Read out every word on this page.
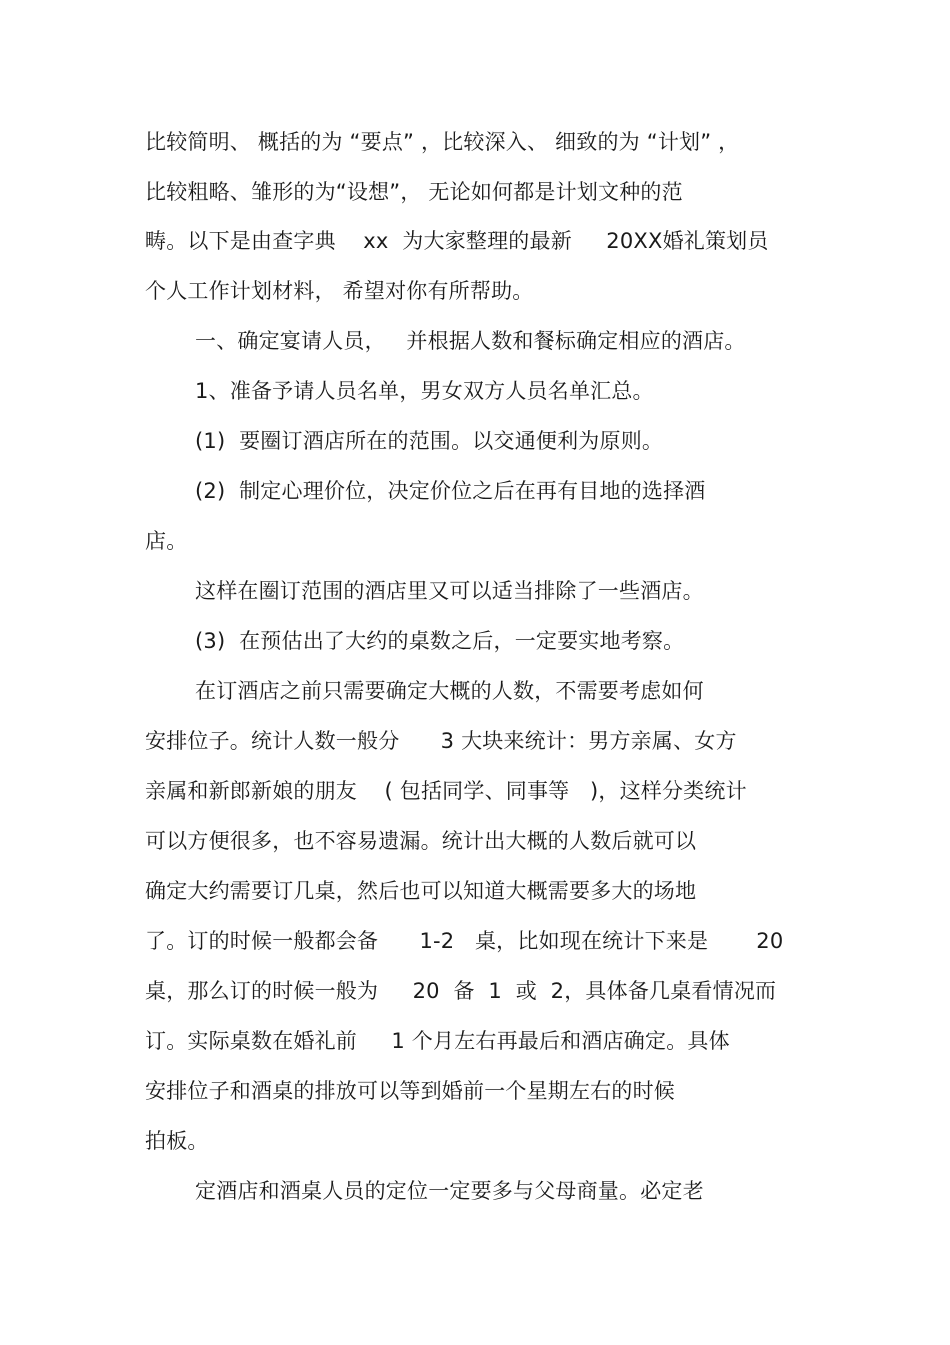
比较简明、 概括的为 “要点” ，比较深入、 细致的为 “计划” ，
比较粗略、雏形的为“设想”， 无论如何都是计划文种的范
畴。以下是由查字典    xx  为大家整理的最新     20XX婚礼策划员
个人工作计划材料， 希望对你有所帮助。
一、确定宴请人员，   并根据人数和餐标确定相应的酒店。
1、准备予请人员名单，男女双方人员名单汇总。
(1)  要圈订酒店所在的范围。以交通便利为原则。
(2)  制定心理价位，决定价位之后在再有目地的选择酒
店。
这样在圈订范围的酒店里又可以适当排除了一些酒店。
(3)  在预估出了大约的桌数之后，一定要实地考察。
在订酒店之前只需要确定大概的人数，不需要考虑如何
安排位子。统计人数一般分      3 大块来统计：男方亲属、女方
亲属和新郎新娘的朋友    ( 包括同学、同事等   )，这样分类统计
可以方便很多，也不容易遗漏。统计出大概的人数后就可以
确定大约需要订几桌，然后也可以知道大概需要多大的场地
了。订的时候一般都会备      1-2   桌，比如现在统计下来是       20
桌，那么订的时候一般为     20  备  1  或  2，具体备几桌看情况而
订。实际桌数在婚礼前     1 个月左右再最后和酒店确定。具体
安排位子和酒桌的排放可以等到婚前一个星期左右的时候
拍板。
定酒店和酒桌人员的定位一定要多与父母商量。必定老
